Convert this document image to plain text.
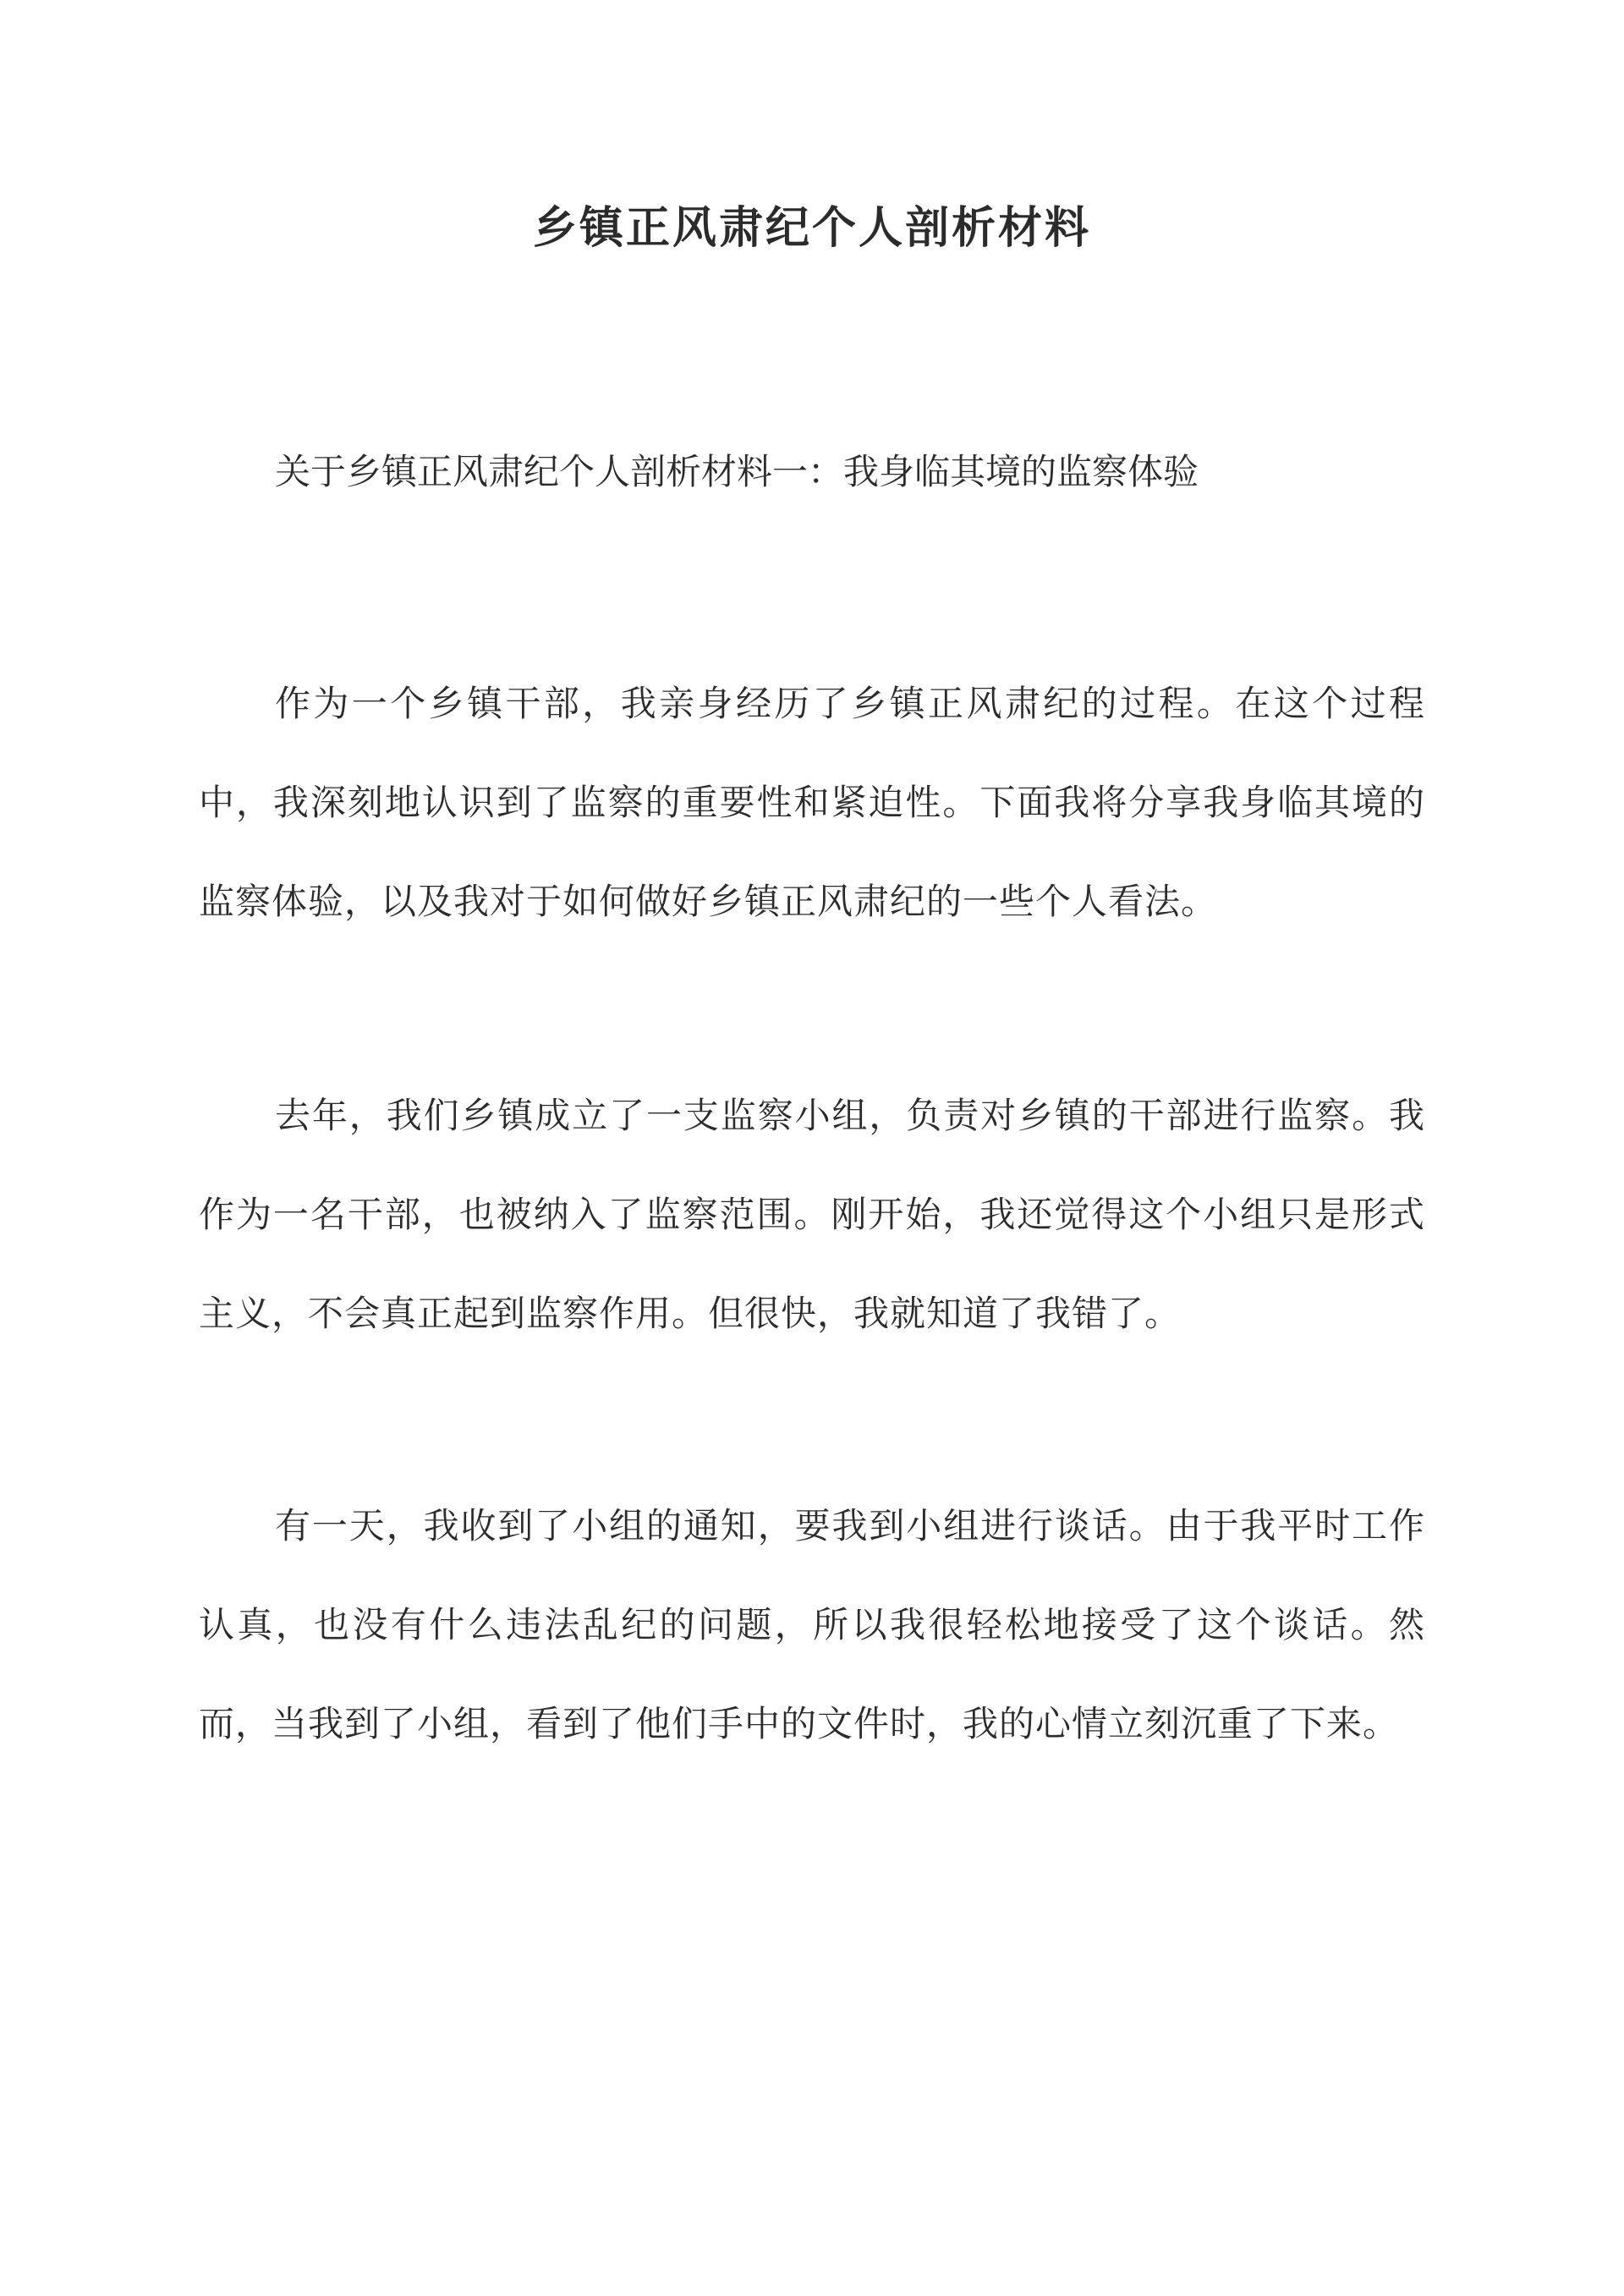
乡镇正风肃纪个人剖析材料

关于乡镇正风肃纪个人剖析材料一：我身临其境的监察体验

作为一个乡镇干部，我亲身经历了乡镇正风肃纪的过程。在这个过程中，我深刻地认识到了监察的重要性和紧迫性。下面我将分享我身临其境的监察体验，以及我对于如何做好乡镇正风肃纪的一些个人看法。

去年，我们乡镇成立了一支监察小组，负责对乡镇的干部进行监察。我作为一名干部，也被纳入了监察范围。刚开始，我还觉得这个小组只是形式主义，不会真正起到监察作用。但很快，我就知道了我错了。

有一天，我收到了小组的通知，要我到小组进行谈话。由于我平时工作认真，也没有什么违法乱纪的问题，所以我很轻松地接受了这个谈话。然而，当我到了小组，看到了他们手中的文件时，我的心情立刻沉重了下来。
